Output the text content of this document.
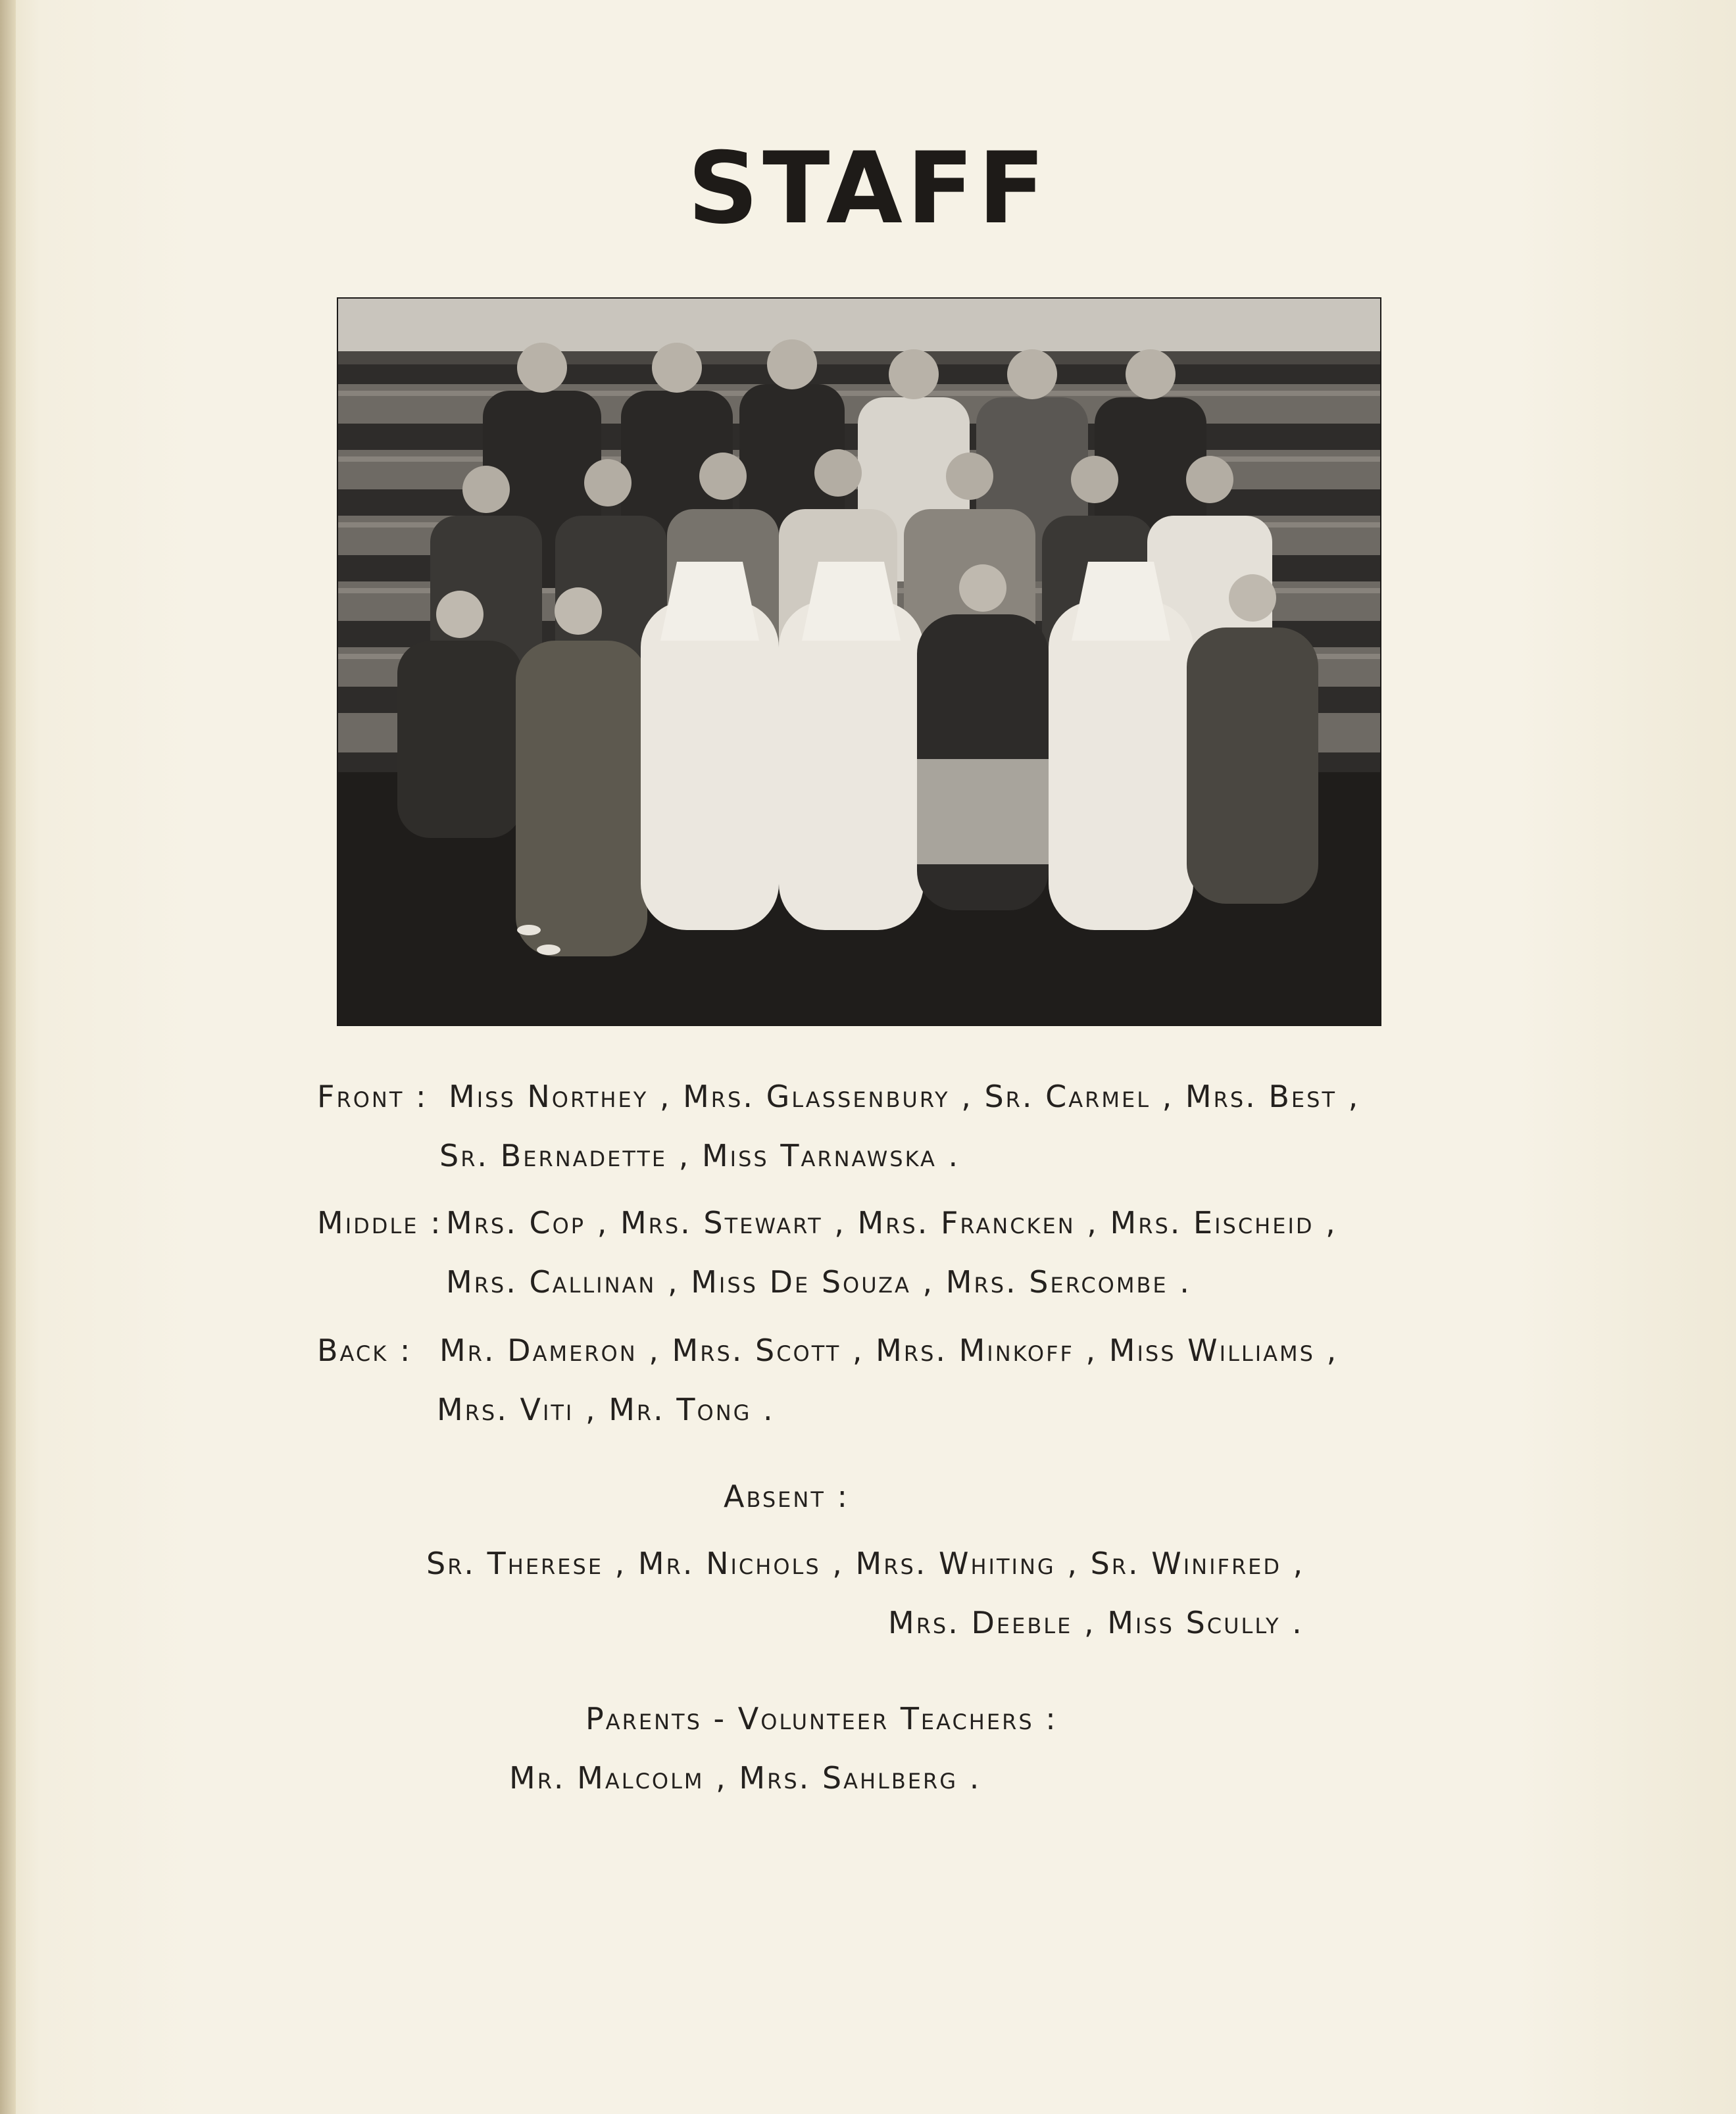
STAFF
Front : Miss Northey , Mrs. Glassenbury , Sr. Carmel , Mrs. Best ,
Sr. Bernadette , Miss Tarnawska .
Middle : Mrs. Cop , Mrs. Stewart , Mrs. Francken , Mrs. Eischeid ,
Mrs. Callinan , Miss De Souza , Mrs. Sercombe .
Back : Mr. Dameron , Mrs. Scott , Mrs. Minkoff , Miss Williams ,
Mrs. Viti , Mr. Tong .
Absent :
Sr. Therese , Mr. Nichols , Mrs. Whiting , Sr. Winifred ,
Mrs. Deeble , Miss Scully .
Parents - Volunteer Teachers :
Mr. Malcolm , Mrs. Sahlberg .
